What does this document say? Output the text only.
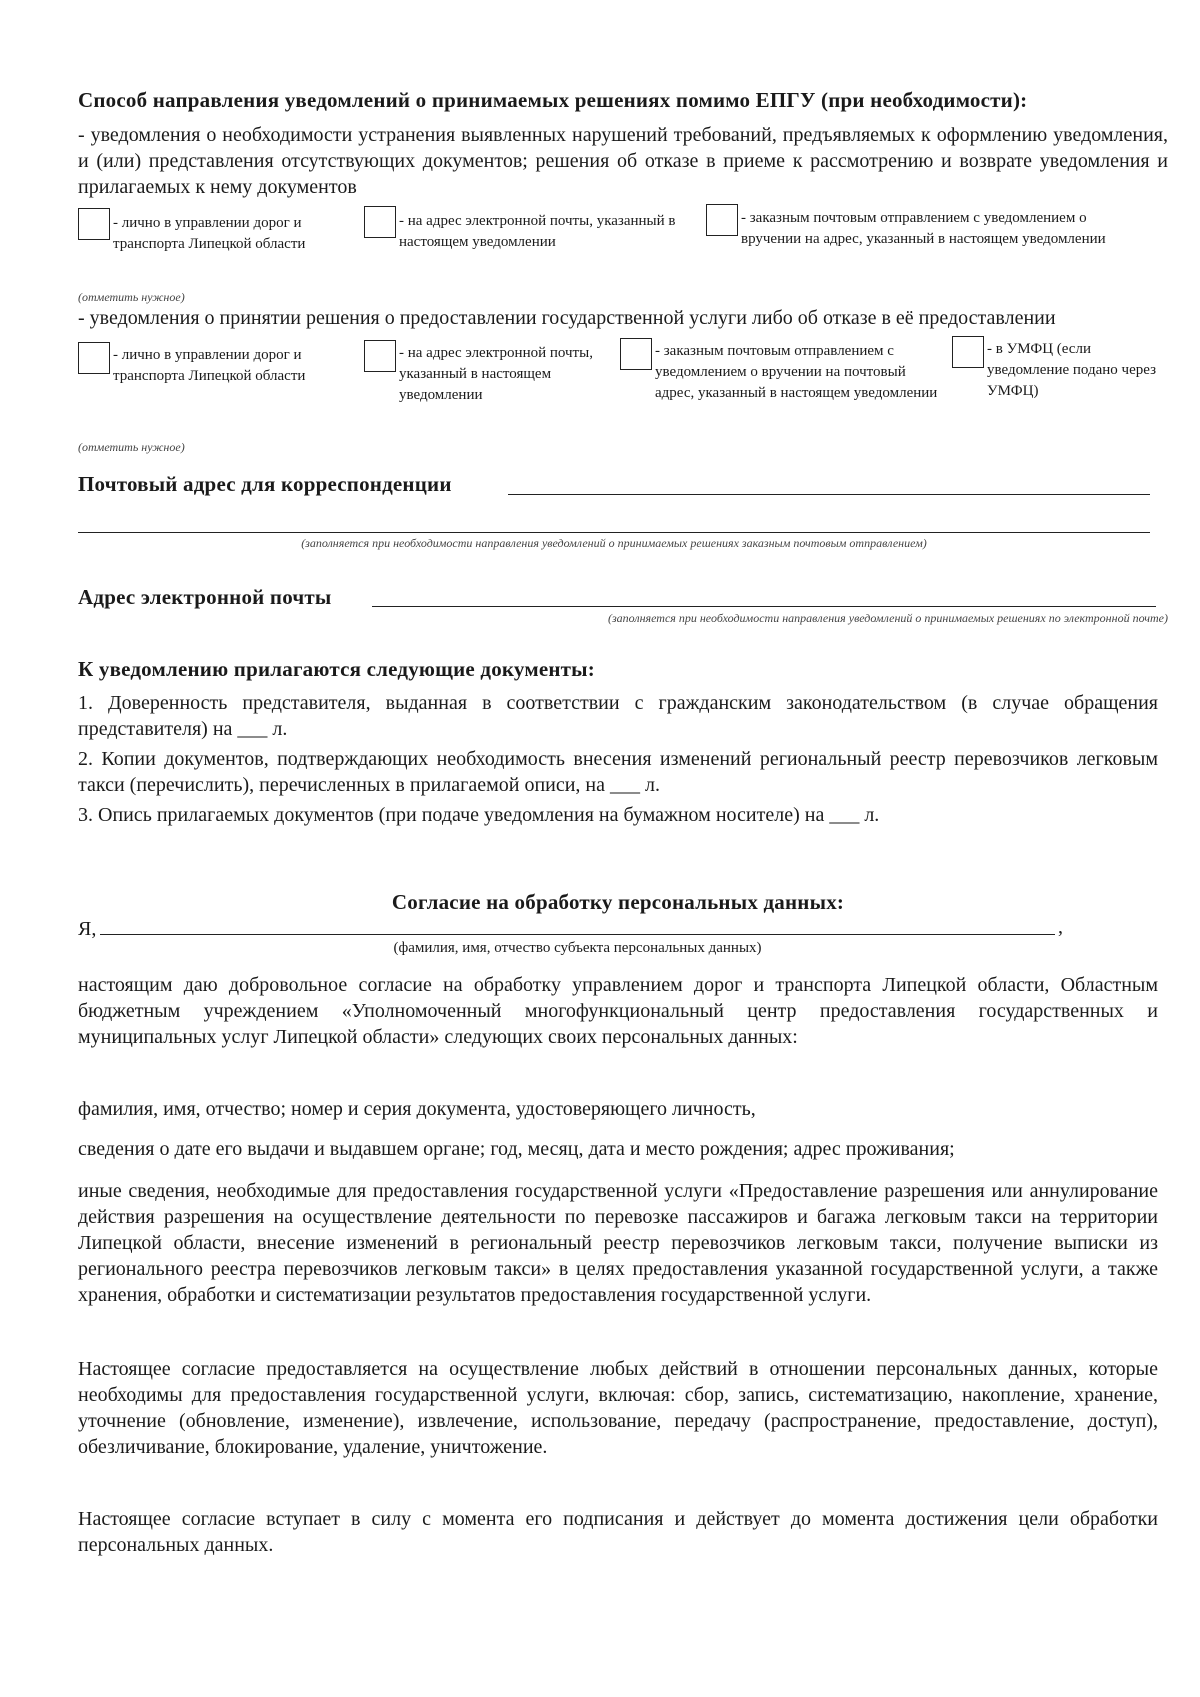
Способ направления уведомлений о принимаемых решениях помимо ЕПГУ (при необходимости):
- уведомления о необходимости устранения выявленных нарушений требований, предъявляемых к оформлению уведомления, и (или) представления отсутствующих документов; решения об отказе в приеме к рассмотрению и возврате уведомления и прилагаемых к нему документов
- лично в управлении дорог и транспорта Липецкой области
- на адрес электронной почты, указанный в настоящем уведомлении
- заказным почтовым отправлением с уведомлением о вручении на адрес, указанный в настоящем уведомлении
(отметить нужное)
- уведомления о принятии решения о предоставлении государственной услуги либо об отказе в её предоставлении
- лично в управлении дорог и транспорта Липецкой области
- на адрес электронной почты, указанный в настоящем уведомлении
- заказным почтовым отправлением с уведомлением о вручении на почтовый адрес, указанный в настоящем уведомлении
- в УМФЦ (если уведомление подано через УМФЦ)
(отметить нужное)
Почтовый адрес для корреспонденции
(заполняется при необходимости направления уведомлений о принимаемых решениях заказным почтовым отправлением)
Адрес электронной почты
(заполняется при необходимости направления уведомлений о принимаемых решениях по электронной почте)
К уведомлению прилагаются следующие документы:
1. Доверенность представителя, выданная в соответствии с гражданским законодательством (в случае обращения представителя) на ___ л.
2. Копии документов, подтверждающих необходимость внесения изменений региональный реестр перевозчиков легковым такси (перечислить), перечисленных в прилагаемой описи, на ___ л.
3. Опись прилагаемых документов (при подаче уведомления на бумажном носителе) на ___ л.
Согласие на обработку персональных данных:
Я,	,
(фамилия, имя, отчество субъекта персональных данных)
настоящим даю добровольное согласие на обработку управлением дорог и транспорта Липецкой области, Областным бюджетным учреждением «Уполномоченный многофункциональный центр предоставления государственных и муниципальных услуг Липецкой области» следующих своих персональных данных:
фамилия, имя, отчество; номер и серия документа, удостоверяющего личность,
сведения о дате его выдачи и выдавшем органе; год, месяц, дата и место рождения; адрес проживания;
иные сведения, необходимые для предоставления государственной услуги «Предоставление разрешения или аннулирование действия разрешения на осуществление деятельности по перевозке пассажиров и багажа легковым такси на территории Липецкой области, внесение изменений в региональный реестр перевозчиков легковым такси, получение выписки из регионального реестра перевозчиков легковым такси» в целях предоставления указанной государственной услуги, а также хранения, обработки и систематизации результатов предоставления государственной услуги.
Настоящее согласие предоставляется на осуществление любых действий в отношении персональных данных, которые необходимы для предоставления государственной услуги, включая: сбор, запись, систематизацию, накопление, хранение, уточнение (обновление, изменение), извлечение, использование, передачу (распространение, предоставление, доступ), обезличивание, блокирование, удаление, уничтожение.
Настоящее согласие вступает в силу с момента его подписания и действует до момента достижения цели обработки персональных данных.
